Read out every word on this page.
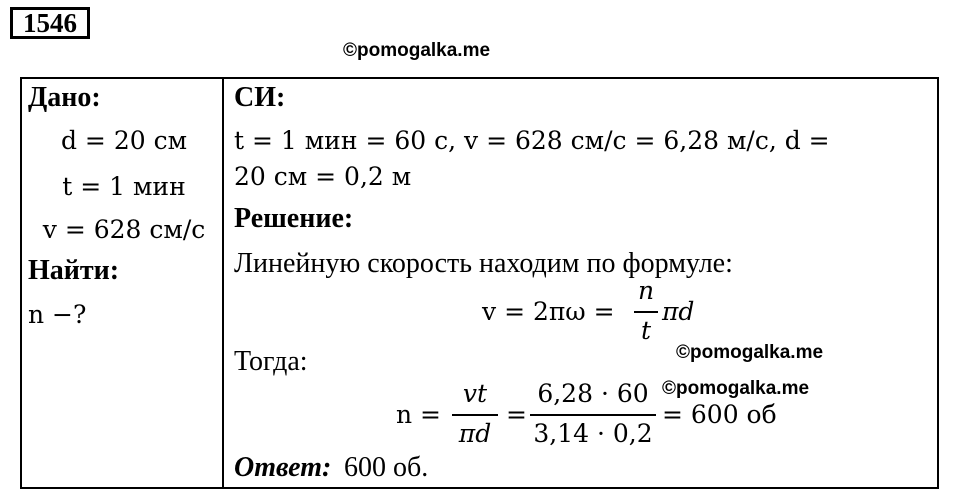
1546
©pomogalka.me
Дано:
d = 20 см
t = 1 мин
v = 628 см/с
Найти:
n −?
СИ:
t = 1 мин = 60 с, v = 628 см/с = 6,28 м/с, d =
20 см = 0,2 м
Решение:
Линейную скорость находим по формуле:
v = 2πω =
n
t
πd
©pomogalka.me
Тогда:
©pomogalka.me
n =
vt
πd
=
6,28 · 60
3,14 · 0,2
= 600 об
Ответ: 600 об.
